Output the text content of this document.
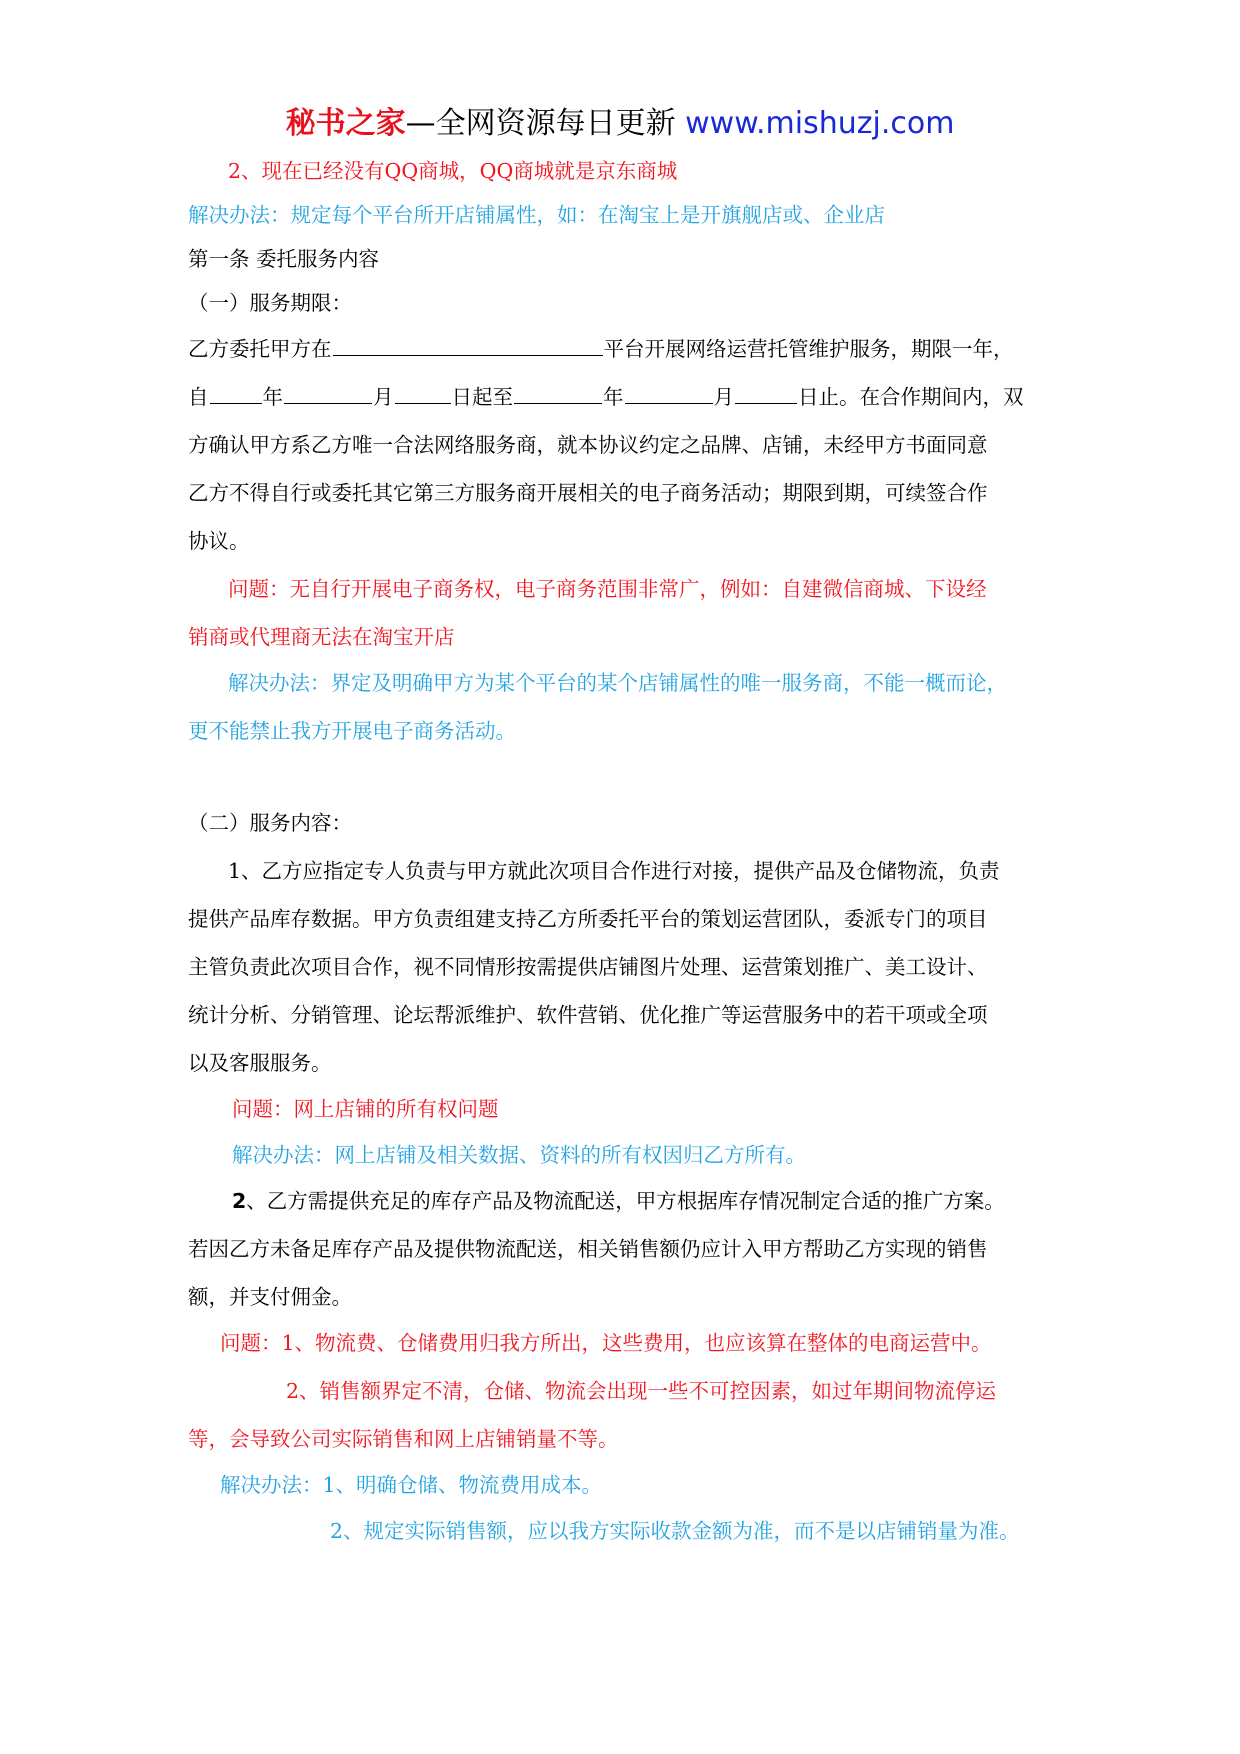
秘书之家—全网资源每日更新 www.mishuzj.com
2、现在已经没有QQ商城，QQ商城就是京东商城
解决办法：规定每个平台所开店铺属性，如：在淘宝上是开旗舰店或、企业店
第一条 委托服务内容
（一）服务期限：
乙方委托甲方在	平台开展网络运营托管维护服务，期限一年，
自	年	月	日起至	年	月	日止。在合作期间内，双
方确认甲方系乙方唯一合法网络服务商，就本协议约定之品牌、店铺，未经甲方书面同意
乙方不得自行或委托其它第三方服务商开展相关的电子商务活动；期限到期，可续签合作
协议。
问题：无自行开展电子商务权，电子商务范围非常广，例如：自建微信商城、下设经
销商或代理商无法在淘宝开店
解决办法：界定及明确甲方为某个平台的某个店铺属性的唯一服务商，不能一概而论，
更不能禁止我方开展电子商务活动。
（二）服务内容：
1、乙方应指定专人负责与甲方就此次项目合作进行对接，提供产品及仓储物流，负责
提供产品库存数据。甲方负责组建支持乙方所委托平台的策划运营团队，委派专门的项目
主管负责此次项目合作，视不同情形按需提供店铺图片处理、运营策划推广、美工设计、
统计分析、分销管理、论坛帮派维护、软件营销、优化推广等运营服务中的若干项或全项
以及客服服务。
问题：网上店铺的所有权问题
解决办法：网上店铺及相关数据、资料的所有权因归乙方所有。
2、乙方需提供充足的库存产品及物流配送，甲方根据库存情况制定合适的推广方案。
若因乙方未备足库存产品及提供物流配送，相关销售额仍应计入甲方帮助乙方实现的销售
额，并支付佣金。
问题：1、物流费、仓储费用归我方所出，这些费用，也应该算在整体的电商运营中。
2、销售额界定不清，仓储、物流会出现一些不可控因素，如过年期间物流停运
等，会导致公司实际销售和网上店铺销量不等。
解决办法：1、明确仓储、物流费用成本。
2、规定实际销售额，应以我方实际收款金额为准，而不是以店铺销量为准。
